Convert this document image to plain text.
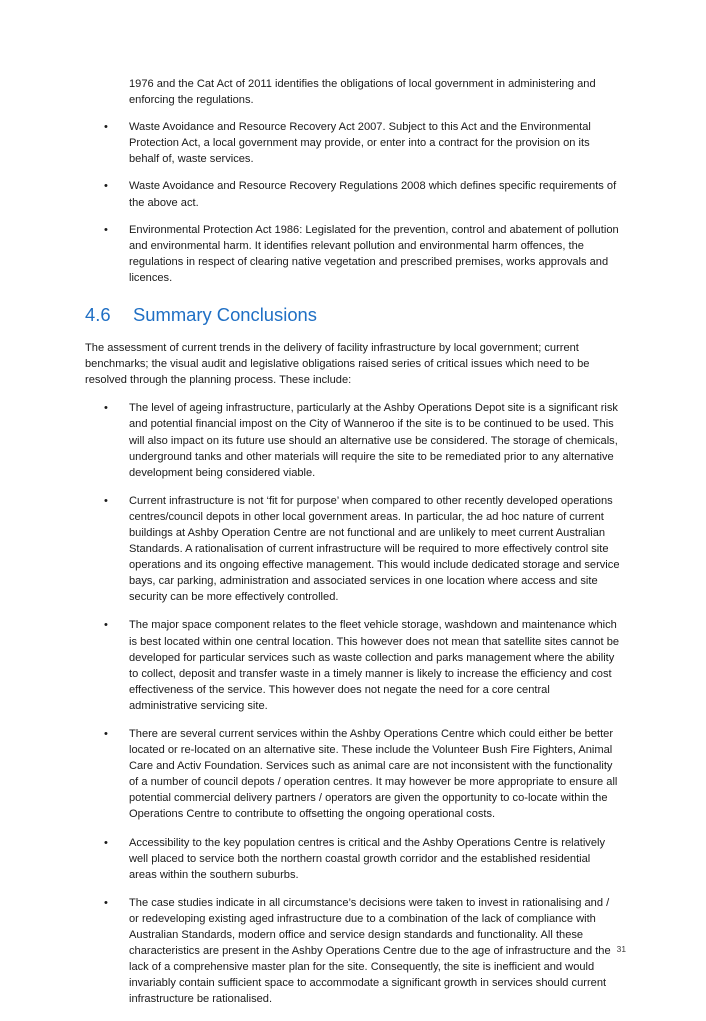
1976 and the Cat Act of 2011 identifies the obligations of local government in administering and enforcing the regulations.

•	Waste Avoidance and Resource Recovery Act 2007. Subject to this Act and the Environmental Protection Act, a local government may provide, or enter into a contract for the provision on its behalf of, waste services.
•	Waste Avoidance and Resource Recovery Regulations 2008 which defines specific requirements of the above act.
•	Environmental Protection Act 1986: Legislated for the prevention, control and abatement of pollution and environmental harm. It identifies relevant pollution and environmental harm offences, the regulations in respect of clearing native vegetation and prescribed premises, works approvals and licences.
4.6 Summary Conclusions

The assessment of current trends in the delivery of facility infrastructure by local government; current benchmarks; the visual audit and legislative obligations raised series of critical issues which need to be resolved through the planning process. These include:

•	The level of ageing infrastructure, particularly at the Ashby Operations Depot site is a significant risk and potential financial impost on the City of Wanneroo if the site is to be continued to be used. This will also impact on its future use should an alternative use be considered. The storage of chemicals, underground tanks and other materials will require the site to be remediated prior to any alternative development being considered viable.
•	Current infrastructure is not ‘fit for purpose’ when compared to other recently developed operations centres/council depots in other local government areas. In particular, the ad hoc nature of current buildings at Ashby Operation Centre are not functional and are unlikely to meet current Australian Standards. A rationalisation of current infrastructure will be required to more effectively control site operations and its ongoing effective management. This would include dedicated storage and service bays, car parking, administration and associated services in one location where access and site security can be more effectively controlled.
•	The major space component relates to the fleet vehicle storage, washdown and maintenance which is best located within one central location. This however does not mean that satellite sites cannot be developed for particular services such as waste collection and parks management where the ability to collect, deposit and transfer waste in a timely manner is likely to increase the efficiency and cost effectiveness of the service. This however does not negate the need for a core central administrative servicing site.
•	There are several current services within the Ashby Operations Centre which could either be better located or re-located on an alternative site. These include the Volunteer Bush Fire Fighters, Animal Care and Activ Foundation. Services such as animal care are not inconsistent with the functionality of a number of council depots / operation centres. It may however be more appropriate to ensure all potential commercial delivery partners / operators are given the opportunity to co-locate within the Operations Centre to contribute to offsetting the ongoing operational costs.
•	Accessibility to the key population centres is critical and the Ashby Operations Centre is relatively well placed to service both the northern coastal growth corridor and the established residential areas within the southern suburbs.
•	The case studies indicate in all circumstance’s decisions were taken to invest in rationalising and / or redeveloping existing aged infrastructure due to a combination of the lack of compliance with Australian Standards, modern office and service design standards and functionality. All these characteristics are present in the Ashby Operations Centre due to the age of infrastructure and the lack of a comprehensive master plan for the site. Consequently, the site is inefficient and would invariably contain sufficient space to accommodate a significant growth in services should current infrastructure be rationalised.
31
